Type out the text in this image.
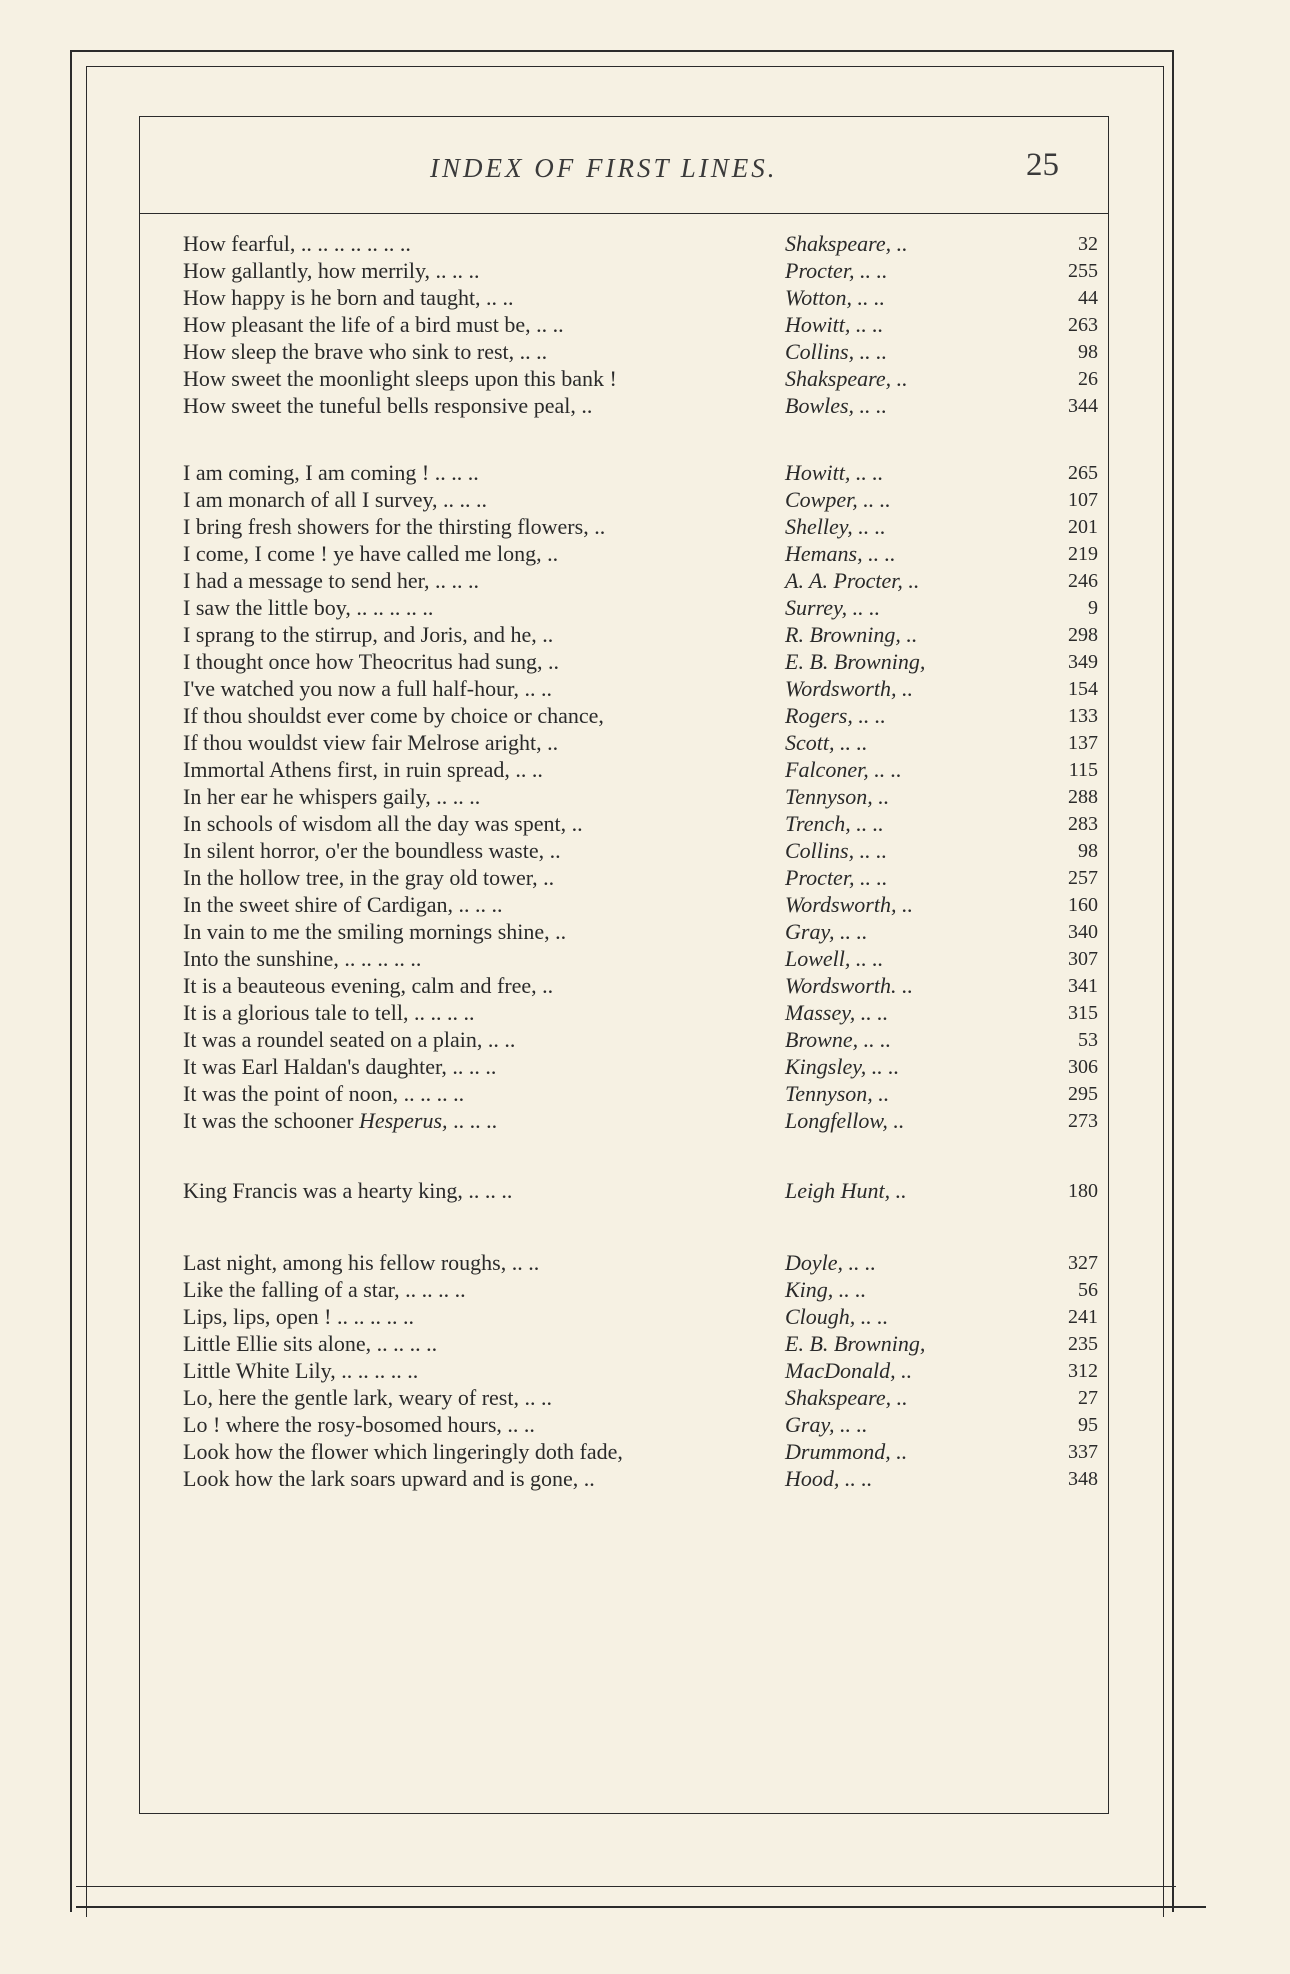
INDEX OF FIRST LINES.	25
How fearful, .. .. .. .. .. .. ..	Shakspeare, ..	32
How gallantly, how merrily, .. .. ..	Procter, .. ..	255
How happy is he born and taught, .. ..	Wotton, .. ..	44
How pleasant the life of a bird must be, .. ..	Howitt, .. ..	263
How sleep the brave who sink to rest, .. ..	Collins, .. ..	98
How sweet the moonlight sleeps upon this bank !	Shakspeare, ..	26
How sweet the tuneful bells responsive peal, ..	Bowles, .. ..	344
I am coming, I am coming ! .. .. ..	Howitt, .. ..	265
I am monarch of all I survey, .. .. ..	Cowper, .. ..	107
I bring fresh showers for the thirsting flowers, ..	Shelley, .. ..	201
I come, I come ! ye have called me long, ..	Hemans, .. ..	219
I had a message to send her, .. .. ..	A. A. Procter, ..	246
I saw the little boy, .. .. .. .. ..	Surrey, .. ..	9
I sprang to the stirrup, and Joris, and he, ..	R. Browning, ..	298
I thought once how Theocritus had sung, ..	E. B. Browning,	349
I've watched you now a full half-hour, .. ..	Wordsworth, ..	154
If thou shouldst ever come by choice or chance,	Rogers, .. ..	133
If thou wouldst view fair Melrose aright, ..	Scott, .. ..	137
Immortal Athens first, in ruin spread, .. ..	Falconer, .. ..	115
In her ear he whispers gaily, .. .. ..	Tennyson, ..	288
In schools of wisdom all the day was spent, ..	Trench, .. ..	283
In silent horror, o'er the boundless waste, ..	Collins, .. ..	98
In the hollow tree, in the gray old tower, ..	Procter, .. ..	257
In the sweet shire of Cardigan, .. .. ..	Wordsworth, ..	160
In vain to me the smiling mornings shine, ..	Gray, .. ..	340
Into the sunshine, .. .. .. .. ..	Lowell, .. ..	307
It is a beauteous evening, calm and free, ..	Wordsworth. ..	341
It is a glorious tale to tell, .. .. .. ..	Massey, .. ..	315
It was a roundel seated on a plain, .. ..	Browne, .. ..	53
It was Earl Haldan's daughter, .. .. ..	Kingsley, .. ..	306
It was the point of noon, .. .. .. ..	Tennyson, ..	295
It was the schooner Hesperus, .. .. ..	Longfellow, ..	273
King Francis was a hearty king, .. .. ..	Leigh Hunt, ..	180
Last night, among his fellow roughs, .. ..	Doyle, .. ..	327
Like the falling of a star, .. .. .. ..	King, .. ..	56
Lips, lips, open ! .. .. .. .. ..	Clough, .. ..	241
Little Ellie sits alone, .. .. .. ..	E. B. Browning,	235
Little White Lily, .. .. .. .. ..	MacDonald, ..	312
Lo, here the gentle lark, weary of rest, .. ..	Shakspeare, ..	27
Lo ! where the rosy-bosomed hours, .. ..	Gray, .. ..	95
Look how the flower which lingeringly doth fade,	Drummond, ..	337
Look how the lark soars upward and is gone, ..	Hood, .. ..	348
